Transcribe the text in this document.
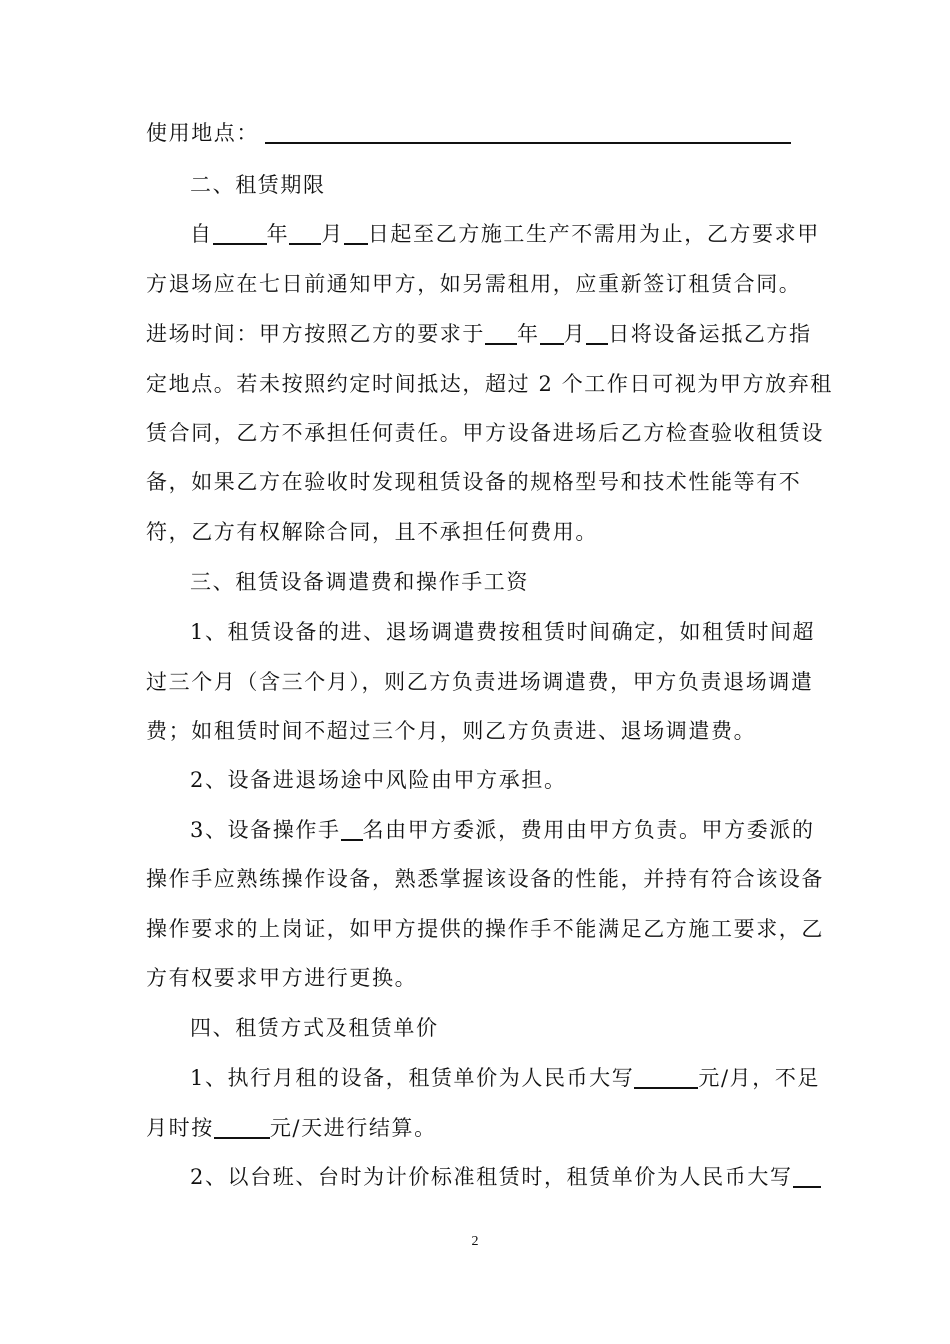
使用地点：
二、租赁期限
自	年 月 日起至乙方施工生产不需用为止，乙方要求甲
方退场应在七日前通知甲方，如另需租用，应重新签订租赁合同。
进场时间：甲方按照乙方的要求于 年 月 日将设备运抵乙方指
定地点。若未按照约定时间抵达，超过 2 个工作日可视为甲方放弃租
赁合同，乙方不承担任何责任。甲方设备进场后乙方检查验收租赁设
备，如果乙方在验收时发现租赁设备的规格型号和技术性能等有不
符，乙方有权解除合同，且不承担任何费用。
三、租赁设备调遣费和操作手工资
1、租赁设备的进、退场调遣费按租赁时间确定，如租赁时间超
过三个月（含三个月），则乙方负责进场调遣费，甲方负责退场调遣
费；如租赁时间不超过三个月，则乙方负责进、退场调遣费。
2、设备进退场途中风险由甲方承担。
3、设备操作手 名由甲方委派，费用由甲方负责。甲方委派的
操作手应熟练操作设备，熟悉掌握该设备的性能，并持有符合该设备
操作要求的上岗证，如甲方提供的操作手不能满足乙方施工要求，乙
方有权要求甲方进行更换。
四、租赁方式及租赁单价
1、执行月租的设备，租赁单价为人民币大写	元/月，不足
月时按	元/天进行结算。
2、以台班、台时为计价标准租赁时，租赁单价为人民币大写
2
